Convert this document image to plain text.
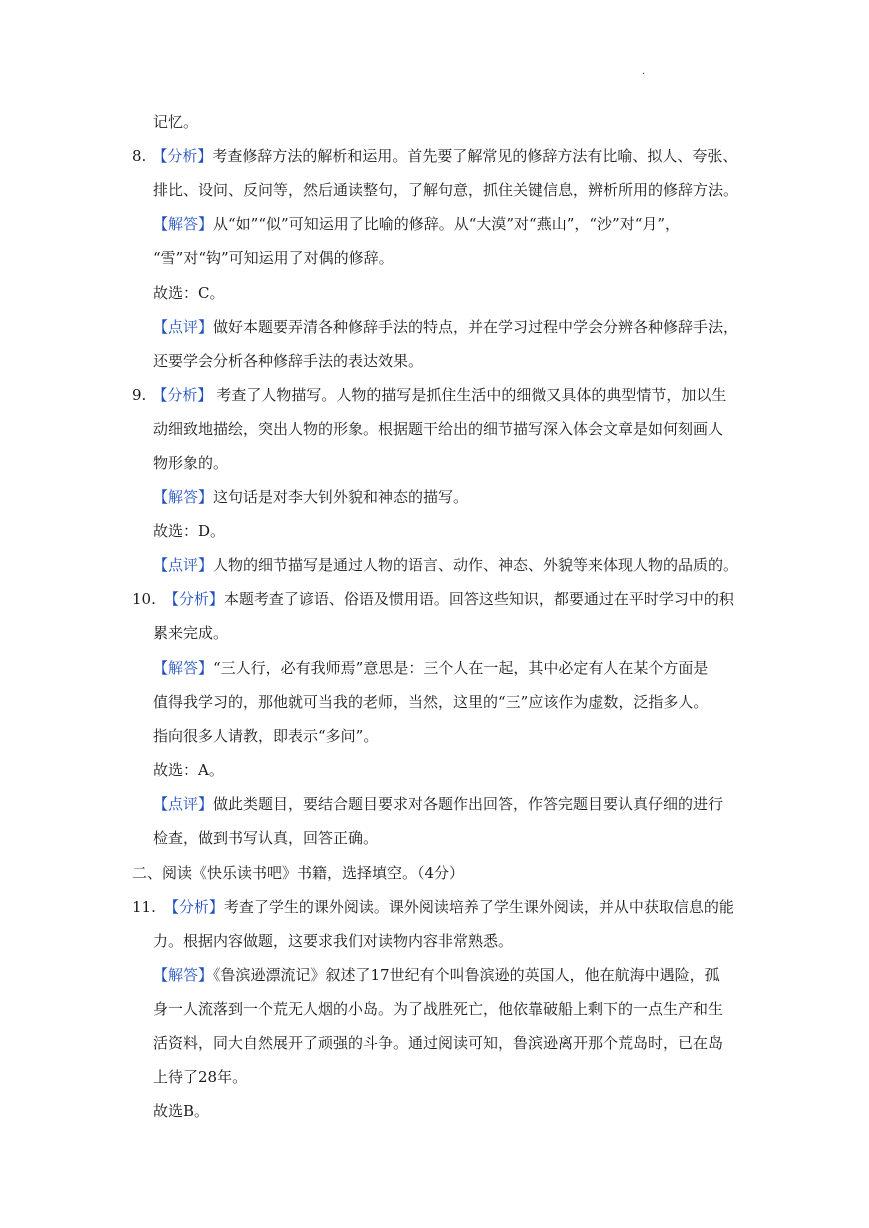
.
记忆。
8. 【分析】考查修辞方法的解析和运用。首先要了解常见的修辞方法有比喻、拟人、夸张、
排比、设问、反问等，然后通读整句，了解句意，抓住关键信息，辨析所用的修辞方法。
【解答】从“如”“似”可知运用了比喻的修辞。从“大漠”对“燕山”，“沙”对“月”，
“雪”对“钩”可知运用了对偶的修辞。
故选：C。
【点评】做好本题要弄清各种修辞手法的特点，并在学习过程中学会分辨各种修辞手法，
还要学会分析各种修辞手法的表达效果。
9. 【分析】 考查了人物描写。人物的描写是抓住生活中的细微又具体的典型情节，加以生
动细致地描绘，突出人物的形象。根据题干给出的细节描写深入体会文章是如何刻画人
物形象的。
【解答】这句话是对李大钊外貌和神态的描写。
故选：D。
【点评】人物的细节描写是通过人物的语言、动作、神态、外貌等来体现人物的品质的。
10. 【分析】本题考查了谚语、俗语及惯用语。回答这些知识，都要通过在平时学习中的积
累来完成。
【解答】“三人行，必有我师焉”意思是：三个人在一起，其中必定有人在某个方面是
值得我学习的，那他就可当我的老师，当然，这里的“三”应该作为虚数，泛指多人。
指向很多人请教，即表示“多问”。
故选：A。
【点评】做此类题目，要结合题目要求对各题作出回答，作答完题目要认真仔细的进行
检查，做到书写认真，回答正确。
二、阅读《快乐读书吧》书籍，选择填空。（4分）
11. 【分析】考查了学生的课外阅读。课外阅读培养了学生课外阅读，并从中获取信息的能
力。根据内容做题，这要求我们对读物内容非常熟悉。
【解答】《鲁滨逊漂流记》叙述了17世纪有个叫鲁滨逊的英国人，他在航海中遇险，孤
身一人流落到一个荒无人烟的小岛。为了战胜死亡，他依靠破船上剩下的一点生产和生
活资料，同大自然展开了顽强的斗争。通过阅读可知，鲁滨逊离开那个荒岛时，已在岛
上待了28年。
故选B。
